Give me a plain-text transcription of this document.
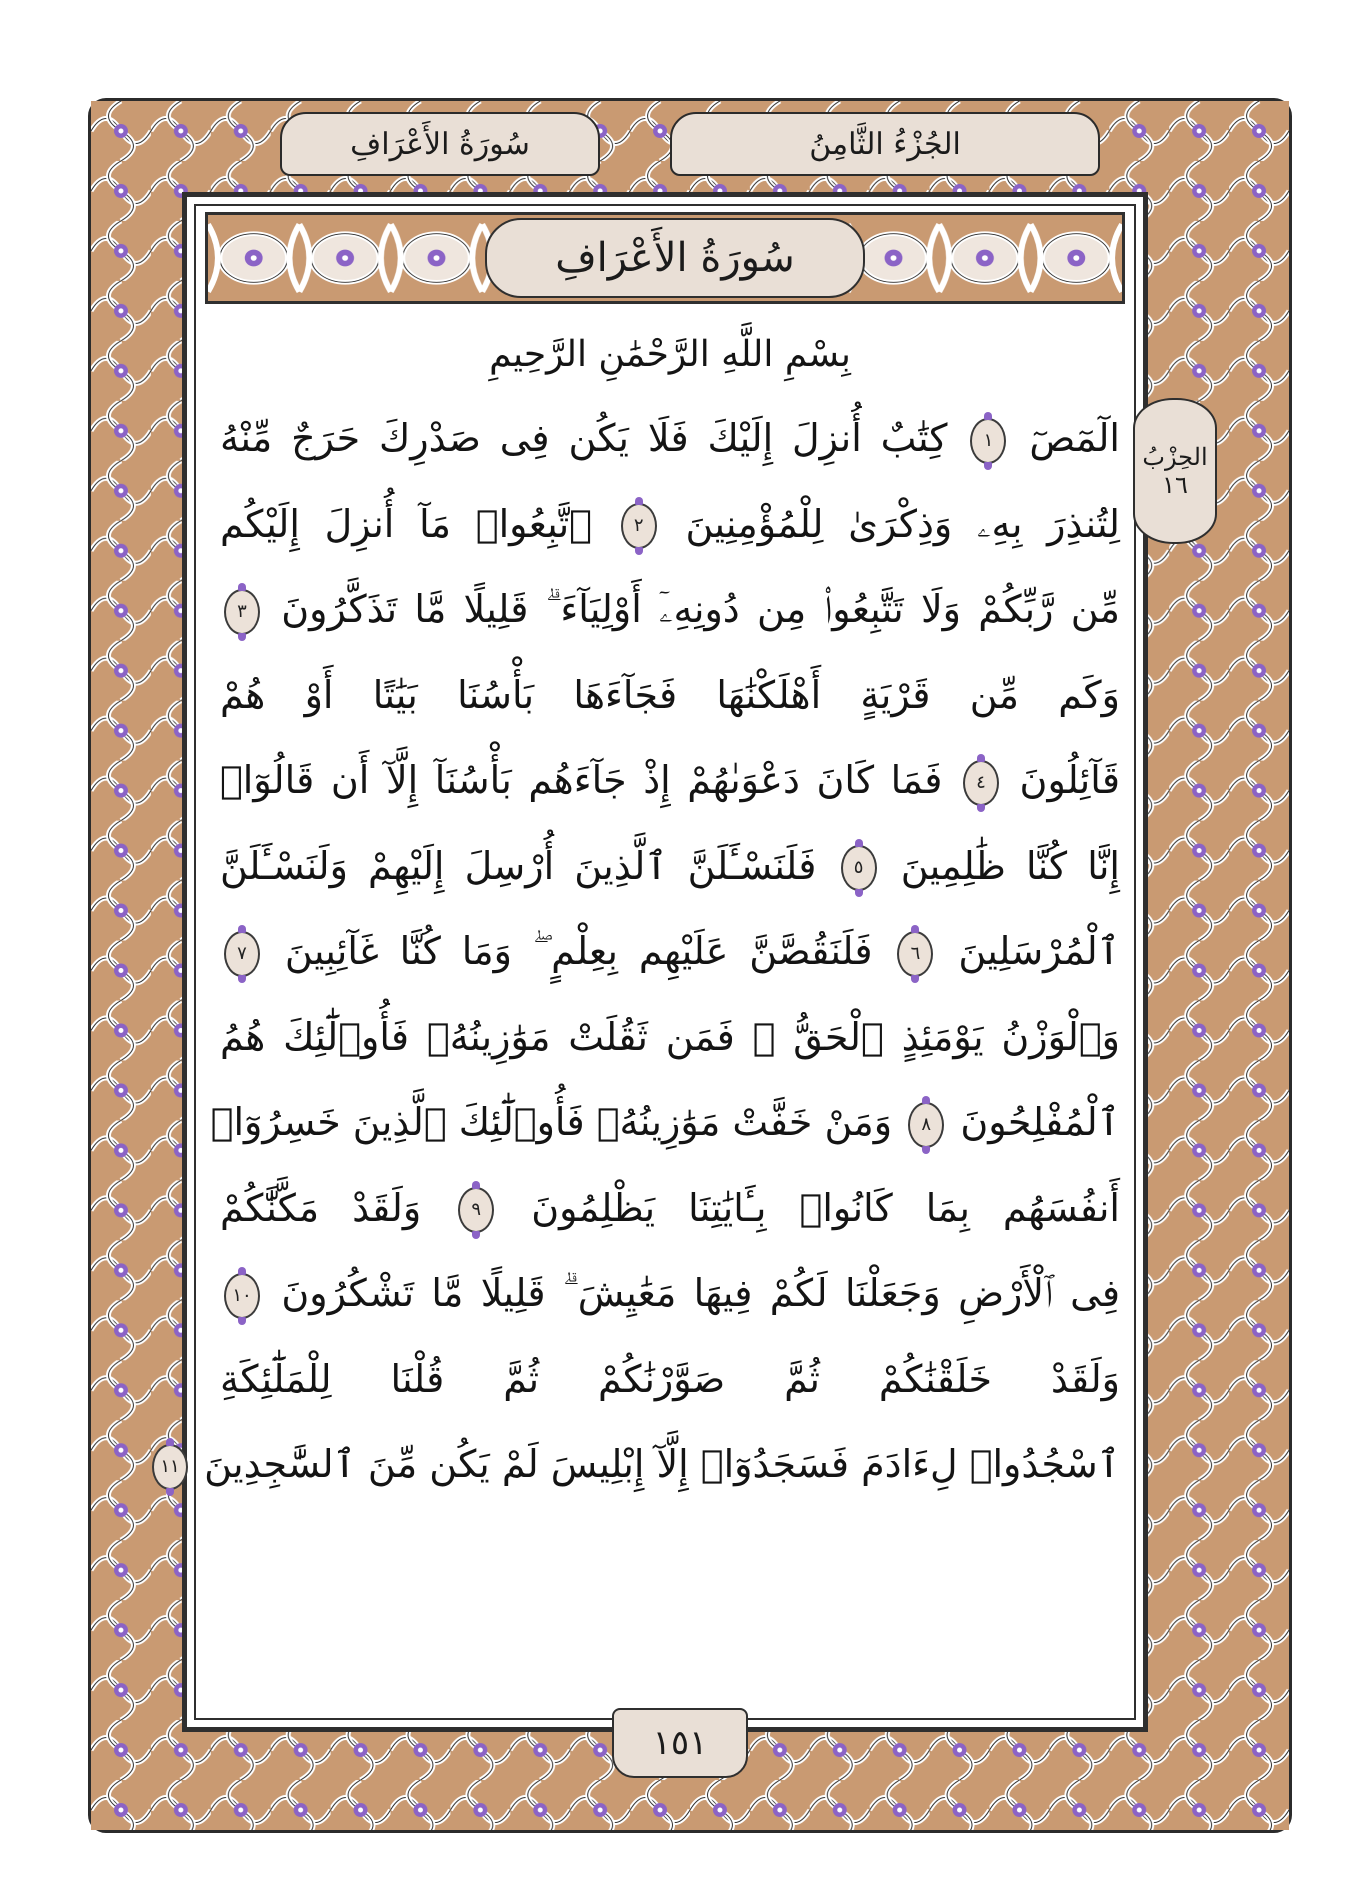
الجُزْءُ الثَّامِنُ
سُورَةُ الأَعْرَافِ
سُورَةُ الأَعْرَافِ
بِسْمِ اللَّهِ الرَّحْمَٰنِ الرَّحِيمِ
الحِزْبُ
١٦
الٓمٓصٓ ١ كِتَٰبٌ أُنزِلَ إِلَيْكَ فَلَا يَكُن فِى صَدْرِكَ حَرَجٌ مِّنْهُ
لِتُنذِرَ بِهِۦ وَذِكْرَىٰ لِلْمُؤْمِنِينَ ٢ ٱتَّبِعُوا۟ مَآ أُنزِلَ إِلَيْكُم
مِّن رَّبِّكُمْ وَلَا تَتَّبِعُوا۟ مِن دُونِهِۦٓ أَوْلِيَآءَ ۗ قَلِيلًا مَّا تَذَكَّرُونَ ٣
وَكَم مِّن قَرْيَةٍ أَهْلَكْنَٰهَا فَجَآءَهَا بَأْسُنَا بَيَٰتًا أَوْ هُمْ
قَآئِلُونَ ٤ فَمَا كَانَ دَعْوَىٰهُمْ إِذْ جَآءَهُم بَأْسُنَآ إِلَّآ أَن قَالُوٓا۟
إِنَّا كُنَّا ظَٰلِمِينَ ٥ فَلَنَسْـَٔلَنَّ ٱلَّذِينَ أُرْسِلَ إِلَيْهِمْ وَلَنَسْـَٔلَنَّ
ٱلْمُرْسَلِينَ ٦ فَلَنَقُصَّنَّ عَلَيْهِم بِعِلْمٍ ۖ وَمَا كُنَّا غَآئِبِينَ ٧
وَٱلْوَزْنُ يَوْمَئِذٍ ٱلْحَقُّ ۚ فَمَن ثَقُلَتْ مَوَٰزِينُهُۥ فَأُو۟لَٰٓئِكَ هُمُ
ٱلْمُفْلِحُونَ ٨ وَمَنْ خَفَّتْ مَوَٰزِينُهُۥ فَأُو۟لَٰٓئِكَ ٱلَّذِينَ خَسِرُوٓا۟
أَنفُسَهُم بِمَا كَانُوا۟ بِـَٔايَٰتِنَا يَظْلِمُونَ ٩ وَلَقَدْ مَكَّنَّٰكُمْ
فِى ٱلْأَرْضِ وَجَعَلْنَا لَكُمْ فِيهَا مَعَٰيِشَ ۗ قَلِيلًا مَّا تَشْكُرُونَ ١٠
وَلَقَدْ خَلَقْنَٰكُمْ ثُمَّ صَوَّرْنَٰكُمْ ثُمَّ قُلْنَا لِلْمَلَٰٓئِكَةِ
ٱسْجُدُوا۟ لِءَادَمَ فَسَجَدُوٓا۟ إِلَّآ إِبْلِيسَ لَمْ يَكُن مِّنَ ٱلسَّٰجِدِينَ ١١
١٥١
